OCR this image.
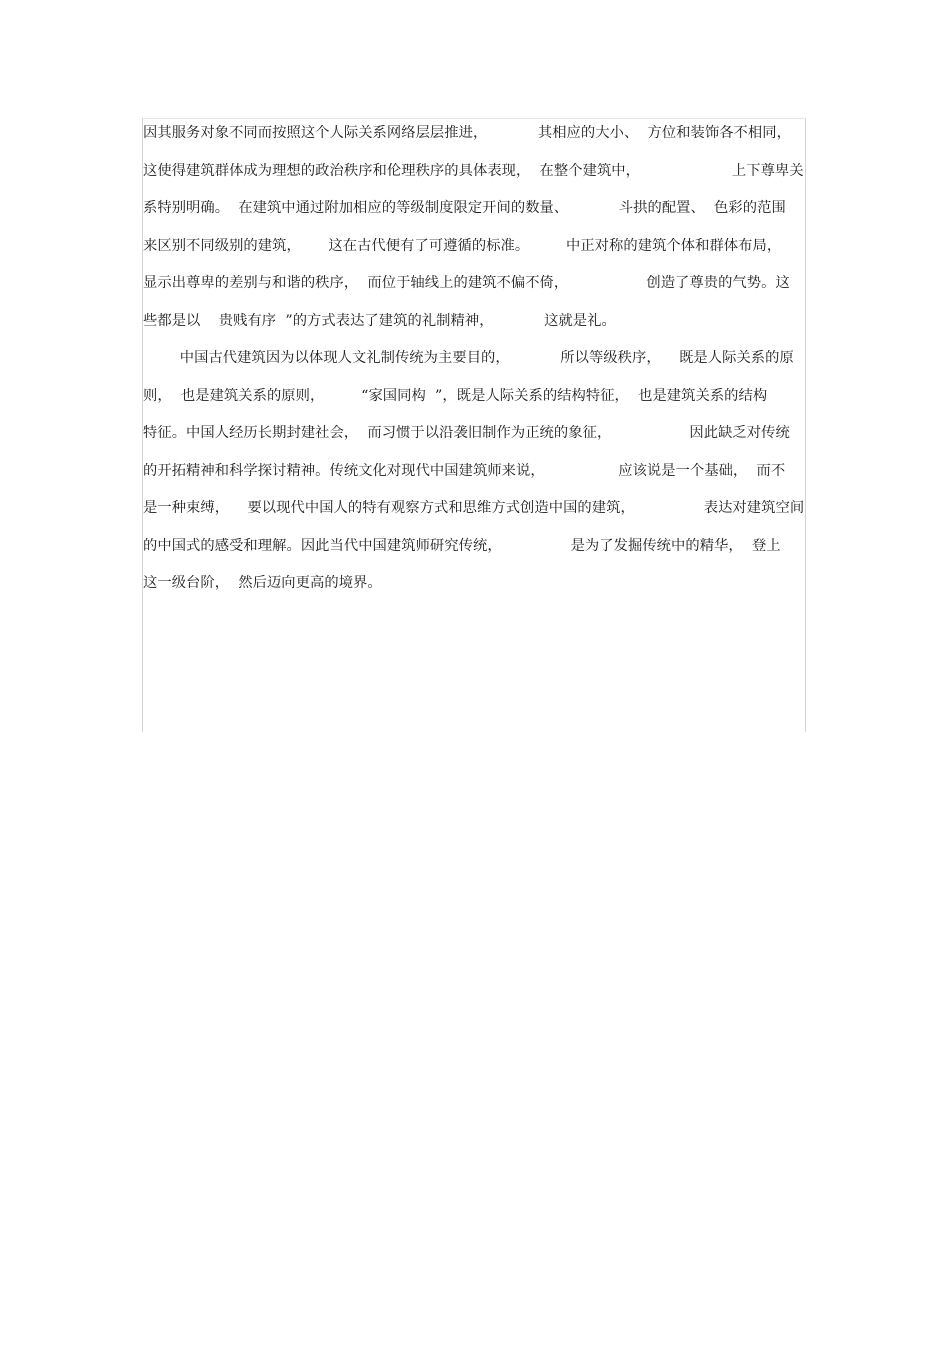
因其服务对象不同而按照这个人际关系网络层层推进，           其相应的大小、  方位和装饰各不相同，
这使得建筑群体成为理想的政治秩序和伦理秩序的具体表现，  在整个建筑中，                    上下尊卑关
系特别明确。  在建筑中通过附加相应的等级制度限定开间的数量、           斗拱的配置、  色彩的范围
来区别不同级别的建筑，      这在古代便有了可遵循的标准。        中正对称的建筑个体和群体布局，
显示出尊卑的差别与和谐的秩序，  而位于轴线上的建筑不偏不倚，                 创造了尊贵的气势。这
些都是以    贵贱有序  ”的方式表达了建筑的礼制精神，           这就是礼。
中国古代建筑因为以体现人文礼制传统为主要目的，           所以等级秩序，    既是人际关系的原
则，  也是建筑关系的原则，        “家国同构  ”，既是人际关系的结构特征，  也是建筑关系的结构
特征。中国人经历长期封建社会，  而习惯于以沿袭旧制作为正统的象征，                 因此缺乏对传统
的开拓精神和科学探讨精神。传统文化对现代中国建筑师来说，                应该说是一个基础，  而不
是一种束缚，    要以现代中国人的特有观察方式和思维方式创造中国的建筑，               表达对建筑空间
的中国式的感受和理解。因此当代中国建筑师研究传统，               是为了发掘传统中的精华，  登上
这一级台阶，  然后迈向更高的境界。
